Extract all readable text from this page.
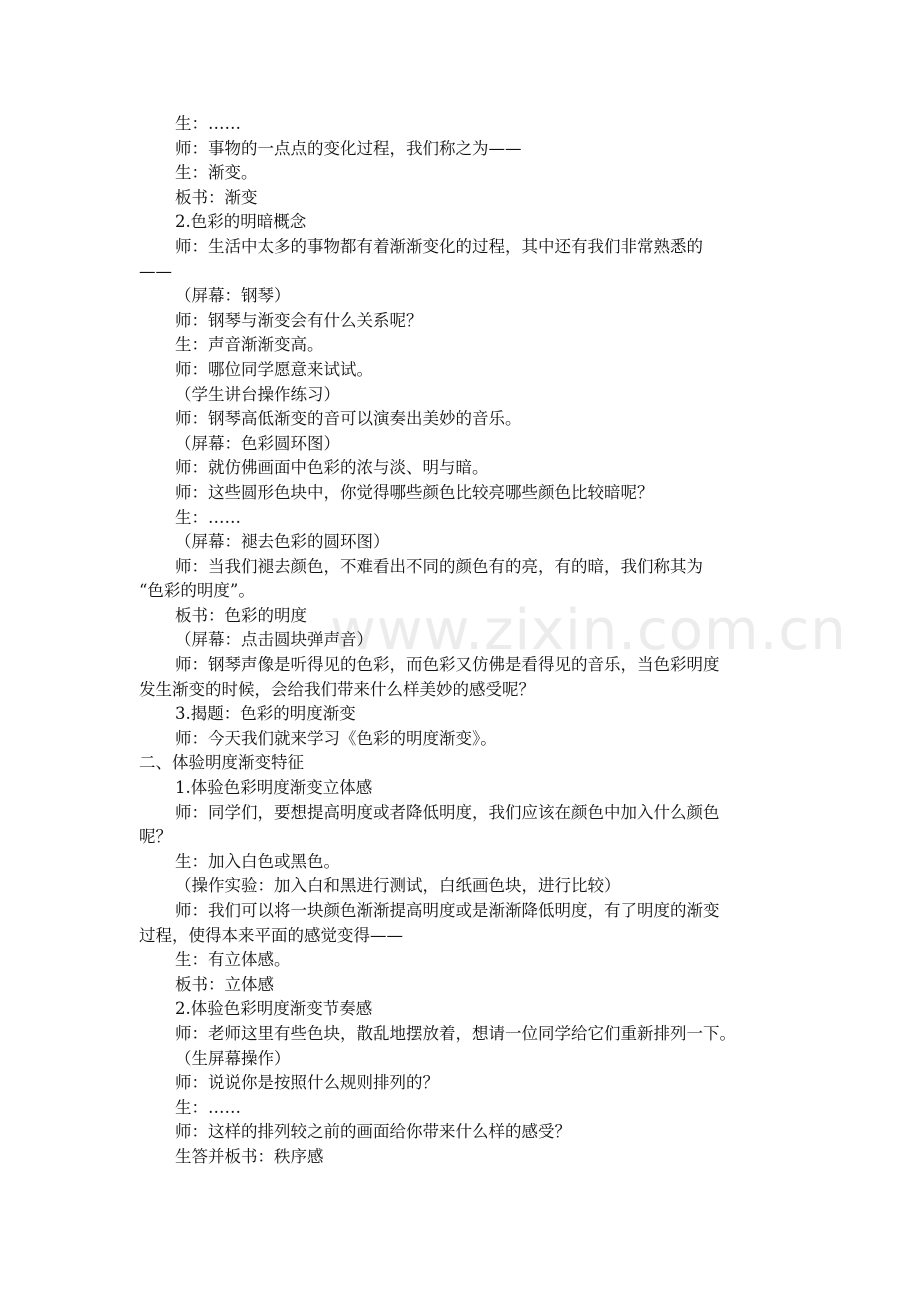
www.zixin.com.cn
生：……
师：事物的一点点的变化过程，我们称之为——
生：渐变。
板书：渐变
2.色彩的明暗概念
师：生活中太多的事物都有着渐渐变化的过程，其中还有我们非常熟悉的
——
（屏幕：钢琴）
师：钢琴与渐变会有什么关系呢？
生：声音渐渐变高。
师：哪位同学愿意来试试。
（学生讲台操作练习）
师：钢琴高低渐变的音可以演奏出美妙的音乐。
（屏幕：色彩圆环图）
师：就仿佛画面中色彩的浓与淡、明与暗。
师：这些圆形色块中，你觉得哪些颜色比较亮哪些颜色比较暗呢？
生：……
（屏幕：褪去色彩的圆环图）
师：当我们褪去颜色，不难看出不同的颜色有的亮，有的暗，我们称其为
“色彩的明度”。
板书：色彩的明度
（屏幕：点击圆块弹声音）
师：钢琴声像是听得见的色彩，而色彩又仿佛是看得见的音乐，当色彩明度
发生渐变的时候，会给我们带来什么样美妙的感受呢？
3.揭题：色彩的明度渐变
师：今天我们就来学习《色彩的明度渐变》。
二、体验明度渐变特征
1.体验色彩明度渐变立体感
师：同学们，要想提高明度或者降低明度，我们应该在颜色中加入什么颜色
呢？
生：加入白色或黑色。
（操作实验：加入白和黑进行测试，白纸画色块，进行比较）
师：我们可以将一块颜色渐渐提高明度或是渐渐降低明度，有了明度的渐变
过程，使得本来平面的感觉变得——
生：有立体感。
板书：立体感
2.体验色彩明度渐变节奏感
师：老师这里有些色块，散乱地摆放着，想请一位同学给它们重新排列一下。
（生屏幕操作）
师：说说你是按照什么规则排列的？
生：……
师：这样的排列较之前的画面给你带来什么样的感受？
生答并板书：秩序感
